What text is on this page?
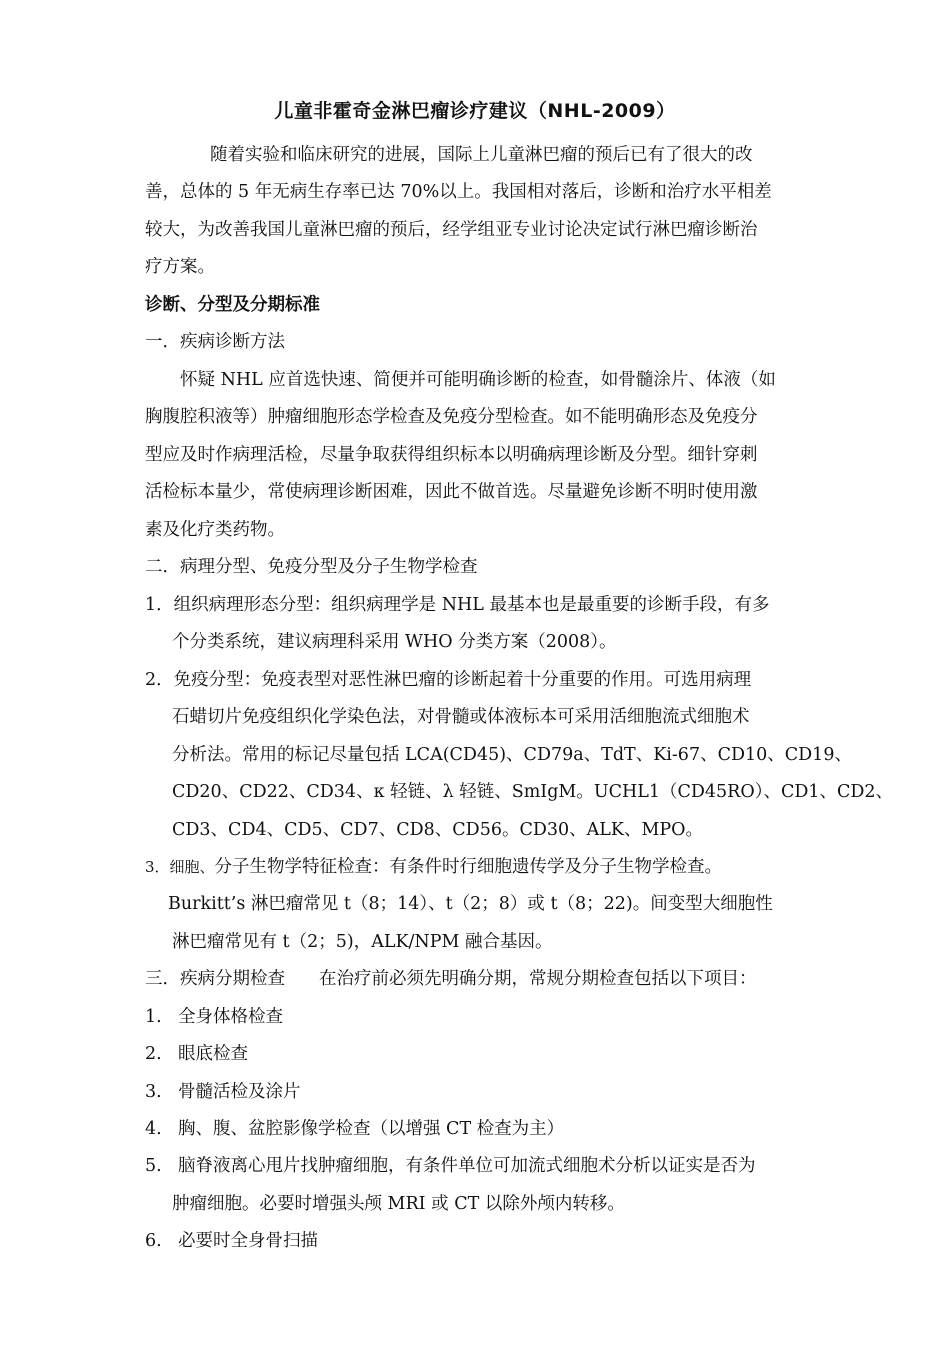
儿童非霍奇金淋巴瘤诊疗建议（NHL-2009）
随着实验和临床研究的进展，国际上儿童淋巴瘤的预后已有了很大的改
善，总体的 5 年无病生存率已达 70%以上。我国相对落后，诊断和治疗水平相差
较大，为改善我国儿童淋巴瘤的预后，经学组亚专业讨论决定试行淋巴瘤诊断治
疗方案。
诊断、分型及分期标准
一．疾病诊断方法
怀疑 NHL 应首选快速、简便并可能明确诊断的检查，如骨髓涂片、体液（如
胸腹腔积液等）肿瘤细胞形态学检查及免疫分型检查。如不能明确形态及免疫分
型应及时作病理活检，尽量争取获得组织标本以明确病理诊断及分型。细针穿刺
活检标本量少，常使病理诊断困难，因此不做首选。尽量避免诊断不明时使用激
素及化疗类药物。
二．病理分型、免疫分型及分子生物学检查
1．组织病理形态分型：组织病理学是 NHL 最基本也是最重要的诊断手段，有多
个分类系统，建议病理科采用 WHO 分类方案（2008）。
2．免疫分型：免疫表型对恶性淋巴瘤的诊断起着十分重要的作用。可选用病理
石蜡切片免疫组织化学染色法，对骨髓或体液标本可采用活细胞流式细胞术
分析法。常用的标记尽量包括 LCA(CD45)、CD79a、TdT、Ki-67、CD10、CD19、
CD20、CD22、CD34、κ 轻链、λ 轻链、SmIgM。UCHL1（CD45RO）、CD1、CD2、
CD3、CD4、CD5、CD7、CD8、CD56。CD30、ALK、MPO。
3．细胞、分子生物学特征检查：有条件时行细胞遗传学及分子生物学检查。
Burkitt’s 淋巴瘤常见 t（8；14）、t（2；8）或 t（8；22)。间变型大细胞性
淋巴瘤常见有 t（2；5)，ALK/NPM 融合基因。
三．疾病分期检查 在治疗前必须先明确分期，常规分期检查包括以下项目：
1. 全身体格检查
2. 眼底检查
3. 骨髓活检及涂片
4. 胸、腹、盆腔影像学检查（以增强 CT 检查为主）
5. 脑脊液离心甩片找肿瘤细胞，有条件单位可加流式细胞术分析以证实是否为
肿瘤细胞。必要时增强头颅 MRI 或 CT 以除外颅内转移。
6. 必要时全身骨扫描
